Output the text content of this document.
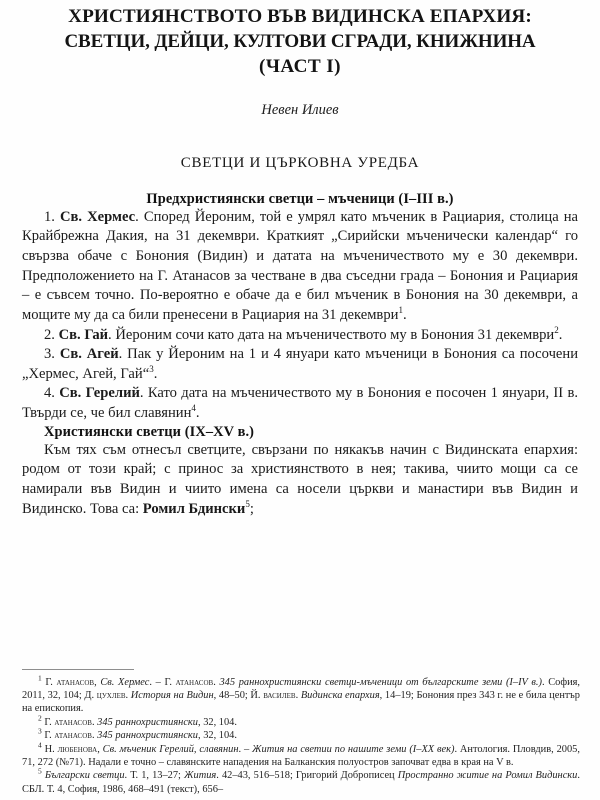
ХРИСТИЯНСТВОТО ВЪВ ВИДИНСКА ЕПАРХИЯ:
СВЕТЦИ, ДЕЙЦИ, КУЛТОВИ СГРАДИ, КНИЖНИНА
(ЧАСТ I)

Невен Илиев

СВЕТЦИ И ЦЪРКОВНА УРЕДБА

Предхристиянски светци – мъченици (I–III в.)

1. Св. Хермес. Според Йероним, той е умрял като мъченик в Рациария, столица на Крайбрежна Дакия, на 31 декември. Краткият „Сирийски мъченически календар“ го свързва обаче с Бонония (Видин) и датата на мъченичеството му е 30 декември. Предположението на Г. Атанасов за честване в два съседни града – Бонония и Рациария – е съвсем точно. По-вероятно е обаче да е бил мъченик в Бонония на 30 декември, а мощите му да са били пренесени в Рациария на 31 декември$^1$.

2. Св. Гай. Йероним сочи като дата на мъченичеството му в Бонония 31 декември$^2$.

3. Св. Агей. Пак у Йероним на 1 и 4 януари като мъченици в Бонония са посочени „Хермес, Агей, Гай“$^3$.

4. Св. Герелий. Като дата на мъченичеството му в Бонония е посочен 1 януари, II в. Твърди се, че бил славянин$^4$.

Християнски светци (IX–XV в.)

Към тях съм отнесъл светците, свързани по някакъв начин с Видинската епархия: родом от този край; с принос за християнството в нея; такива, чиито мощи са се намирали във Видин и чиито имена са носели църкви и манастири във Видин и Видинско. Това са: Ромил Бдински$^5$;

$^1$ Г. атанасов, Св. Хермес. – Г. атанасов. 345 раннохристиянски светци-мъченици от българските земи (I–IV в.). София, 2011, 32, 104; Д. цухлев. История на Видин, 48–50; Й. василев. Видинска епархия, 14–19; Бонония през 343 г. не е била център на епископия.

$^2$ Г. атанасов. 345 раннохристиянски, 32, 104.

$^3$ Г. атанасов. 345 раннохристиянски, 32, 104.

$^4$ Н. любенова, Св. мъченик Герелий, славянин. – Жития на светии по нашите земи (I–XX век). Антология. Пловдив, 2005, 71, 272 (№71). Надали е точно – славянските нападения на Балканския полуостров започват едва в края на V в.

$^5$ Български светци. Т. 1, 13–27; Жития. 42–43, 516–518; Григорий Доброписец Пространно житие на Ромил Видински. СБЛ. Т. 4, София, 1986, 468–491 (текст), 656–
